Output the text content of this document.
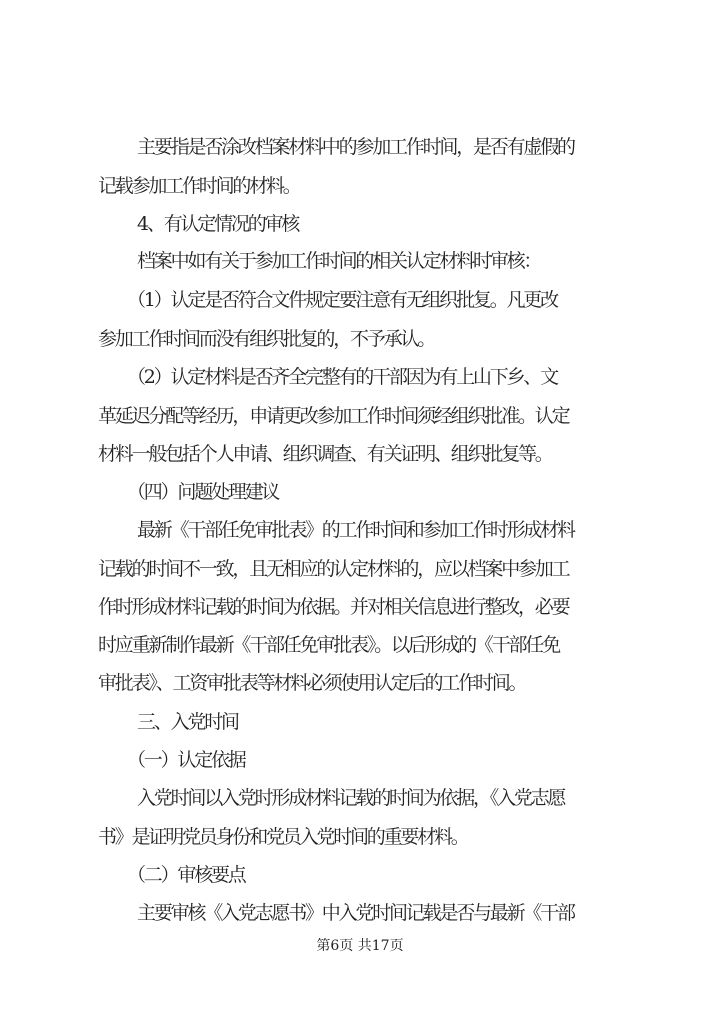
主要指是否涂改档案材料中的参加工作时间，是否有虚假的
记载参加工作时间的材料。
4、有认定情况的审核
档案中如有关于参加工作时间的相关认定材料时审核：
（1）认定是否符合文件规定要注意有无组织批复。凡更改
参加工作时间而没有组织批复的，不予承认。
（2）认定材料是否齐全完整有的干部因为有上山下乡、文
革延迟分配等经历，申请更改参加工作时间须经组织批准。认定
材料一般包括个人申请、组织调查、有关证明、组织批复等。
（四）问题处理建议
最新《干部任免审批表》的工作时间和参加工作时形成材料
记载的时间不一致，且无相应的认定材料的，应以档案中参加工
作时形成材料记载的时间为依据。并对相关信息进行整改，必要
时应重新制作最新《干部任免审批表》。以后形成的《干部任免
审批表》、工资审批表等材料必须使用认定后的工作时间。
三、入党时间
（一）认定依据
入党时间以入党时形成材料记载的时间为依据，《入党志愿
书》是证明党员身份和党员入党时间的重要材料。
（二）审核要点
主要审核《入党志愿书》中入党时间记载是否与最新《干部
第6页 共17页
